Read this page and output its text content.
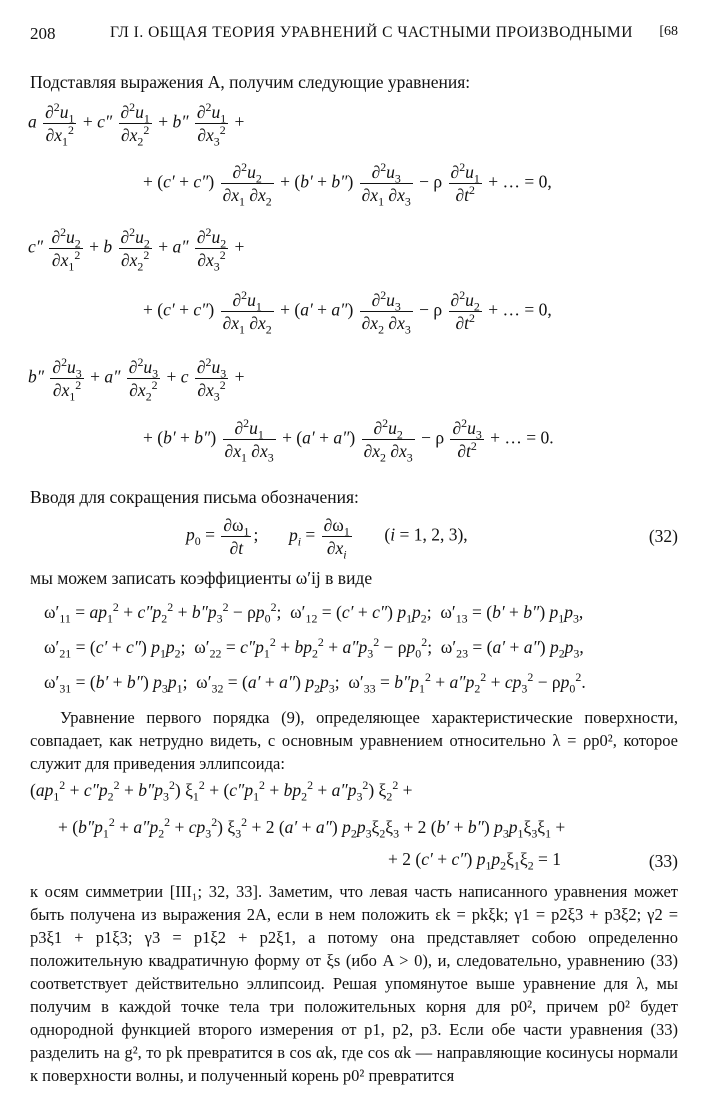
208	ГЛ I. ОБЩАЯ ТЕОРИЯ УРАВНЕНИЙ С ЧАСТНЫМИ ПРОИЗВОДНЫМИ [68
Подставляя выражения A, получим следующие уравнения:
a $\frac{\partial^2u_1}{\partial x_1^2} + c'' \frac{\partial^2u_1}{\partial x_2^2} + b'' \frac{\partial^2u_1}{\partial x_3^2}$ +
+ $(c' + c'') \frac{\partial^2u_2}{\partial x_1 \partial x_2} + (b' + b'') \frac{\partial^2u_3}{\partial x_1 \partial x_3} - \rho \frac{\partial^2u_1}{\partial t^2}$ + … = 0,
$c'' \frac{\partial^2u_2}{\partial x_1^2} + b \frac{\partial^2u_2}{\partial x_2^2} + a'' \frac{\partial^2u_2}{\partial x_3^2}$ +
+ $(c' + c'') \frac{\partial^2u_1}{\partial x_1 \partial x_2} + (a' + a'') \frac{\partial^2u_3}{\partial x_2 \partial x_3} - \rho \frac{\partial^2u_2}{\partial t^2}$ + … = 0,
$b'' \frac{\partial^2u_3}{\partial x_1^2} + a'' \frac{\partial^2u_3}{\partial x_2^2} + c \frac{\partial^2u_3}{\partial x_3^2}$ +
+ $(b' + b'') \frac{\partial^2u_1}{\partial x_1 \partial x_3} + (a' + a'') \frac{\partial^2u_2}{\partial x_2 \partial x_3} - \rho \frac{\partial^2u_3}{\partial t^2}$ + … = 0.
Вводя для сокращения письма обозначения:
$p_0 = \frac{\partial\omega_1}{\partial t}$ ;       $p_i = \frac{\partial\omega_1}{\partial x_i} (i = 1$, 2, 3),	(32)
мы можем записать коэффициенты ω′ij в виде
$\omega'_{11} = ap_1^2 + c''p_2^2 + b''p_3^2 - \rho p_0^2$;  $\omega'_{12} = (c' + c'')$ $p_1p_2$;  $\omega'_{13} = (b' + b'')$ $p_1p_3$,
$\omega'_{21} = (c' + c'')$ $p_1p_2$;  $\omega'_{22} = c''p_1^2 + bp_2^2 + a''p_3^2 - \rho p_0^2$;  $\omega'_{23} = (a' + a'')$ $p_2p_3$,
$\omega'_{31} = (b' + b'')$ $p_3p_1$;  $\omega'_{32} = (a' + a'')$ $p_2p_3$;  $\omega'_{33} = b''p_1^2 + a''p_2^2 + cp_3^2 - \rho p_0^2$.
Уравнение первого порядка (9), определяющее характеристические поверхности, совпадает, как нетрудно видеть, с основным уравнением относительно λ = ρp0², которое служит для приведения эллипсоида:
$(ap_1^2 + c''p_2^2 + b''p_3^2) \xi_1^2 + (c''p_1^2 + bp_2^2 + a''p_3^2) \xi_2^2$ +
+ $(b''p_1^2 + a''p_2^2 + cp_3^2) \xi_3^2 + 2$ (a′ + a″) $p_2p_3\xi_2\xi_3 + 2$ (b′ + b″) $p_3p_1\xi_3\xi_1$ +
+ 2 (c′ + c″) $p_1p_2\xi_1\xi_2 = 1$	(33)
к осям симметрии [III₁; 32, 33]. Заметим, что левая часть написанного уравнения может быть получена из выражения 2A, если в нем положить εk = pkξk; γ1 = p2ξ3 + p3ξ2; γ2 = p3ξ1 + p1ξ3; γ3 = p1ξ2 + p2ξ1, а потому она представляет собою определенно положительную квадратичную форму от ξs (ибо A > 0), и, следовательно, уравнению (33) соответствует действительно эллипсоид. Решая упомянутое выше уравнение для λ, мы получим в каждой точке тела три положительных корня для p0², причем p0² будет однородной функцией второго измерения от p1, p2, p3. Если обе части уравнения (33) разделить на g², то pk превратится в cos αk, где cos αk — направляющие косинусы нормали к поверхности волны, и полученный корень p0² превратится
